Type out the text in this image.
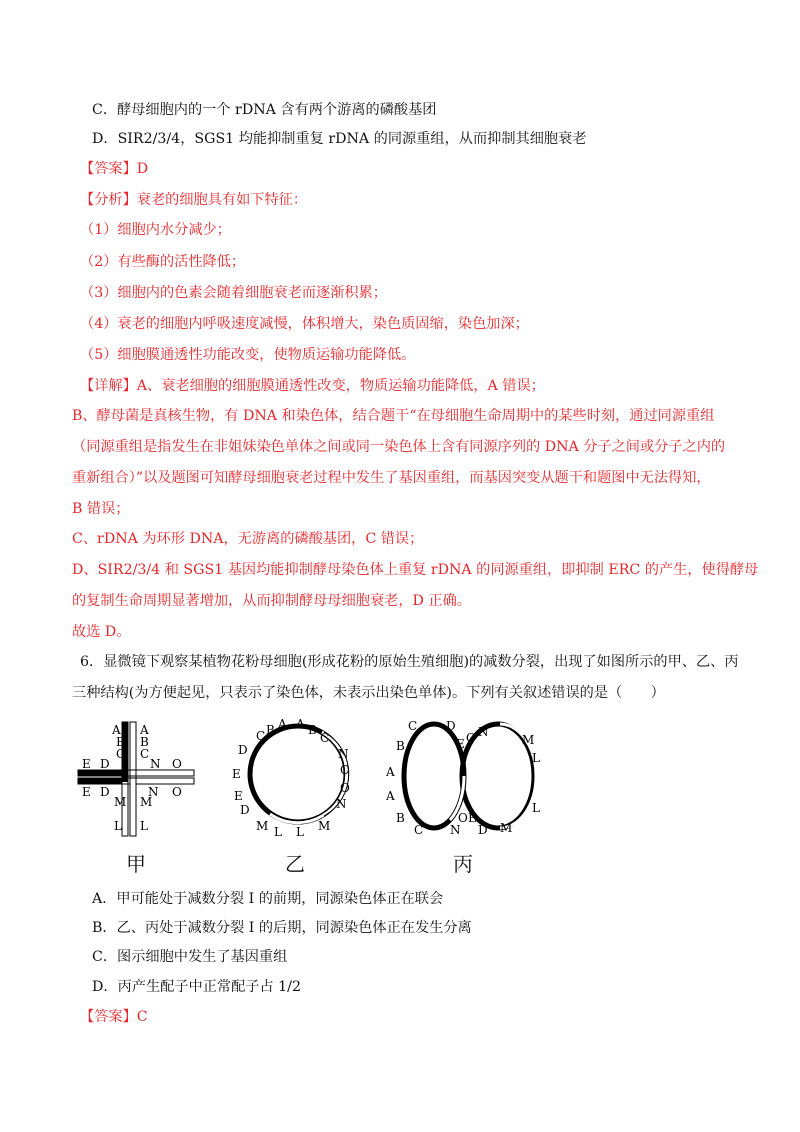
C．酵母细胞内的一个 rDNA 含有两个游离的磷酸基团
D．SIR2/3/4，SGS1 均能抑制重复 rDNA 的同源重组，从而抑制其细胞衰老
【答案】D
【分析】衰老的细胞具有如下特征：
（1）细胞内水分减少；
（2）有些酶的活性降低；
（3）细胞内的色素会随着细胞衰老而逐渐积累；
（4）衰老的细胞内呼吸速度减慢，体积增大，染色质固缩，染色加深；
（5）细胞膜通透性功能改变，使物质运输功能降低。
【详解】A、衰老细胞的细胞膜通透性改变，物质运输功能降低，A 错误；
B、酵母菌是真核生物，有 DNA 和染色体，结合题干“在母细胞生命周期中的某些时刻，通过同源重组
（同源重组是指发生在非姐妹染色单体之间或同一染色体上含有同源序列的 DNA 分子之间或分子之内的
重新组合）”以及题图可知酵母细胞衰老过程中发生了基因重组，而基因突变从题干和题图中无法得知，
B 错误；
C、rDNA 为环形 DNA，无游离的磷酸基团，C 错误；
D、SIR2/3/4 和 SGS1 基因均能抑制酵母染色体上重复 rDNA 的同源重组，即抑制 ERC 的产生，使得酵母
的复制生命周期显著增加，从而抑制酵母母细胞衰老，D 正确。
故选 D。
6．显微镜下观察某植物花粉母细胞(形成花粉的原始生殖细胞)的减数分裂，出现了如图所示的甲、乙、丙
三种结构(为方便起见，只表示了染色体，未表示出染色单体)。下列有关叙述错误的是（　　）
A
B
C
A
B
C
E D
E D
N O
N O
M M
L L
C B A A B
C
D
E
E
D
N
O
O
N
M L L M
C D
E O N
M
B
A
L
A
B
C N
O E
D M
L
甲	乙	丙
A．甲可能处于减数分裂 I 的前期，同源染色体正在联会
B．乙、丙处于减数分裂 I 的后期，同源染色体正在发生分离
C．图示细胞中发生了基因重组
D．丙产生配子中正常配子占 1/2
【答案】C
